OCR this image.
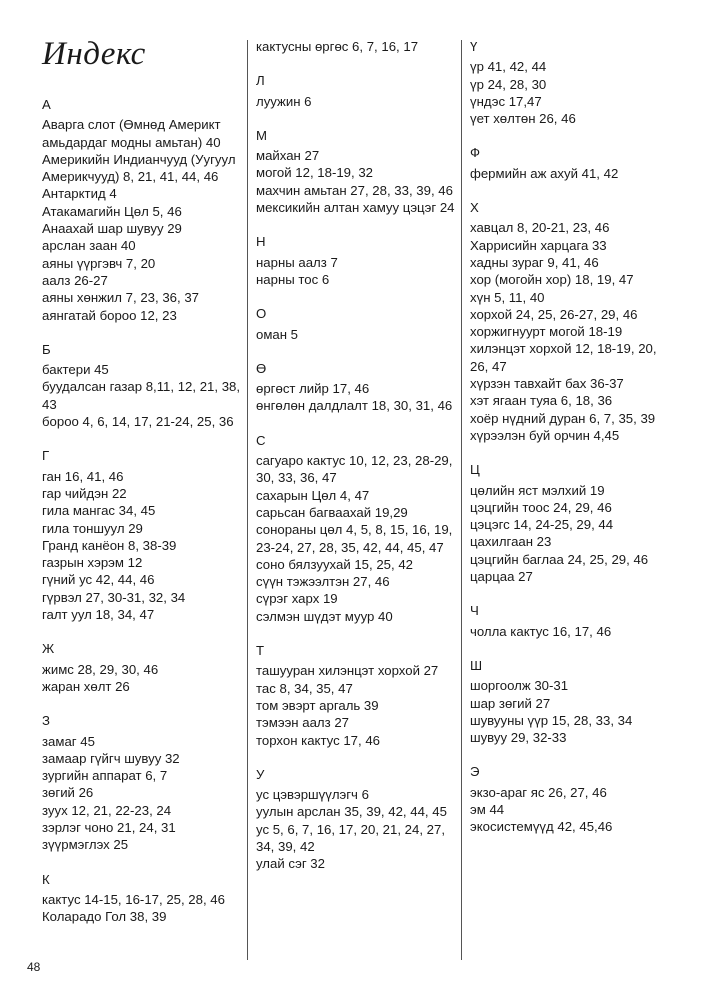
Индекс
А
Аварга слот (Өмнөд Америкт амьдардаг модны амьтан) 40
Америкийн Индианчууд (Уугуул Америкчууд) 8, 21, 41, 44, 46
Антарктид 4
Атакамагийн Цөл 5, 46
Анаахай шар шувуу 29
арслан заан 40
аяны үүргэвч 7, 20
аалз 26-27
аяны хөнжил 7, 23, 36, 37
аянгатай бороо 12, 23
Б
бактери 45
буудалсан газар 8,11, 12, 21, 38, 43
бороо 4, 6, 14, 17, 21-24, 25, 36
Г
ган 16, 41, 46
гар чийдэн 22
гила мангас 34, 45
гила тоншуул 29
Гранд канёон 8, 38-39
газрын хэрэм 12
гүний ус 42, 44, 46
гүрвэл 27, 30-31, 32, 34
галт уул 18, 34, 47
Ж
жимс 28, 29, 30, 46
жаран хөлт 26
З
замаг 45
замаар гүйгч шувуу 32
зургийн аппарат 6, 7
зөгий 26
зуух 12, 21, 22-23, 24
зэрлэг чоно 21, 24, 31
зүүрмэглэх 25
К
кактус 14-15, 16-17, 25, 28, 46
Коларадо Гол 38, 39
кактусны өргөс 6, 7, 16, 17
Л
луужин 6
М
майхан 27
могой 12, 18-19, 32
махчин амьтан 27, 28, 33, 39, 46
мексикийн алтан хамуу цэцэг 24
Н
нарны аалз 7
нарны тос 6
О
оман 5
Ө
өргөст лийр 17, 46
өнгөлөн далдлалт 18, 30, 31, 46
С
сагуаро кактус 10, 12, 23, 28-29, 30, 33, 36, 47
сахарын Цөл 4, 47
сарьсан багваахай 19,29
сонораны цөл 4, 5, 8, 15, 16, 19, 23-24, 27, 28, 35, 42, 44, 45, 47
соно бялзуухай 15, 25, 42
сүүн тэжээлтэн 27, 46
сүрэг харх 19
сэлмэн шүдэт муур 40
Т
ташууран хилэнцэт хорхой 27
тас 8, 34, 35, 47
том эвэрт аргаль 39
тэмээн аалз 27
торхон кактус 17, 46
У
ус цэвэршүүлэгч 6
уулын арслан 35, 39, 42, 44, 45
ус 5, 6, 7, 16, 17, 20, 21, 24, 27, 34, 39, 42
улай сэг 32
Ү
үр 41, 42, 44
үр 24, 28, 30
үндэс 17,47
үет хөлтөн 26, 46
Ф
фермийн аж ахуй 41, 42
Х
хавцал 8, 20-21, 23, 46
Харрисийн харцага 33
хадны зураг 9, 41, 46
хор (могойн хор) 18, 19, 47
хүн 5, 11, 40
хорхой 24, 25, 26-27, 29, 46
хоржигнуурт могой 18-19
хилэнцэт хорхой 12, 18-19, 20, 26, 47
хүрзэн тавхайт бах 36-37
хэт ягаан туяа 6, 18, 36
хоёр нүдний дуран 6, 7, 35, 39
хүрээлэн буй орчин 4,45
Ц
цөлийн яст мэлхий 19
цэцгийн тоос 24, 29, 46
цэцэгс 14, 24-25, 29, 44
цахилгаан 23
цэцгийн баглаа 24, 25, 29, 46
царцаа 27
Ч
чолла кактус 16, 17, 46
Ш
шоргоолж 30-31
шар зөгий 27
шувууны үүр 15, 28, 33, 34
шувуу 29, 32-33
Э
экзо-араг яс 26, 27, 46
эм 44
экосистемүүд 42, 45,46
48
